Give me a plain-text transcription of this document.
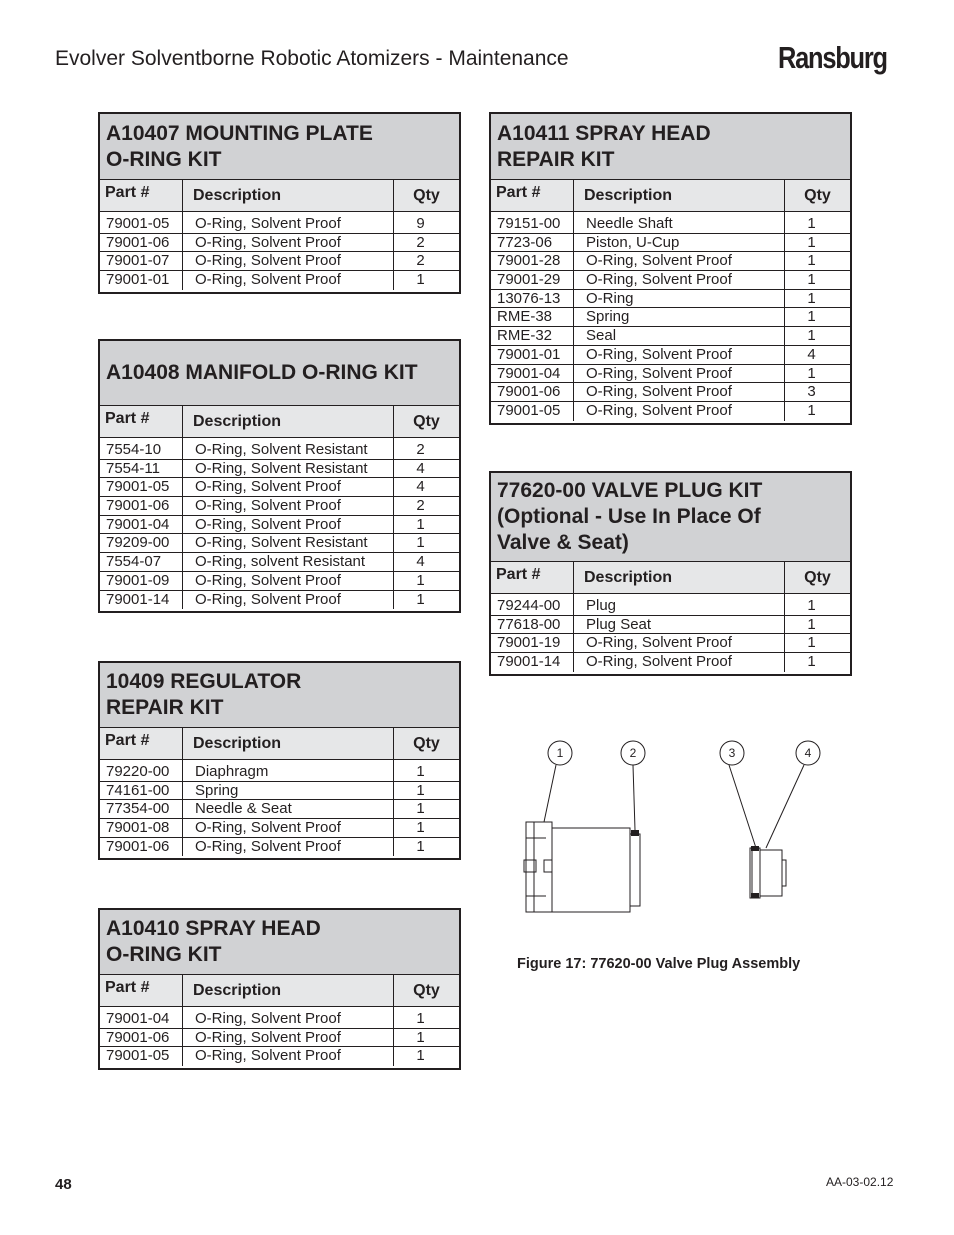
Evolver Solventborne Robotic Atomizers - Maintenance	Ransburg
A10407 MOUNTING PLATE
O-RING KIT
Part #	Description	Qty
79001-05	O-Ring, Solvent Proof	9
79001-06	O-Ring, Solvent Proof	2
79001-07	O-Ring, Solvent Proof	2
79001-01	O-Ring, Solvent Proof	1
A10408 MANIFOLD O-RING KIT
Part #	Description	Qty
7554-10	O-Ring, Solvent Resistant	2
7554-11	O-Ring, Solvent Resistant	4
79001-05	O-Ring, Solvent Proof	4
79001-06	O-Ring, Solvent Proof	2
79001-04	O-Ring, Solvent Proof	1
79209-00	O-Ring, Solvent Resistant	1
7554-07	O-Ring, solvent Resistant	4
79001-09	O-Ring, Solvent Proof	1
79001-14	O-Ring, Solvent Proof	1
10409 REGULATOR
REPAIR KIT
Part #	Description	Qty
79220-00	Diaphragm	1
74161-00	Spring	1
77354-00	Needle & Seat	1
79001-08	O-Ring, Solvent Proof	1
79001-06	O-Ring, Solvent Proof	1
A10410 SPRAY HEAD
O-RING KIT
Part #	Description	Qty
79001-04	O-Ring, Solvent Proof	1
79001-06	O-Ring, Solvent Proof	1
79001-05	O-Ring, Solvent Proof	1
A10411 SPRAY HEAD
REPAIR KIT
Part #	Description	Qty
79151-00	Needle Shaft	1
7723-06	Piston, U-Cup	1
79001-28	O-Ring, Solvent Proof	1
79001-29	O-Ring, Solvent Proof	1
13076-13	O-Ring	1
RME-38	Spring	1
RME-32	Seal	1
79001-01	O-Ring, Solvent Proof	4
79001-04	O-Ring, Solvent Proof	1
79001-06	O-Ring, Solvent Proof	3
79001-05	O-Ring, Solvent Proof	1
77620-00 VALVE PLUG KIT
(Optional - Use In Place Of
Valve & Seat)
Part #	Description	Qty
79244-00	Plug	1
77618-00	Plug Seat	1
79001-19	O-Ring, Solvent Proof	1
79001-14	O-Ring, Solvent Proof	1
1	2	3	4
Figure 17: 77620-00 Valve Plug Assembly
48	AA-03-02.12
